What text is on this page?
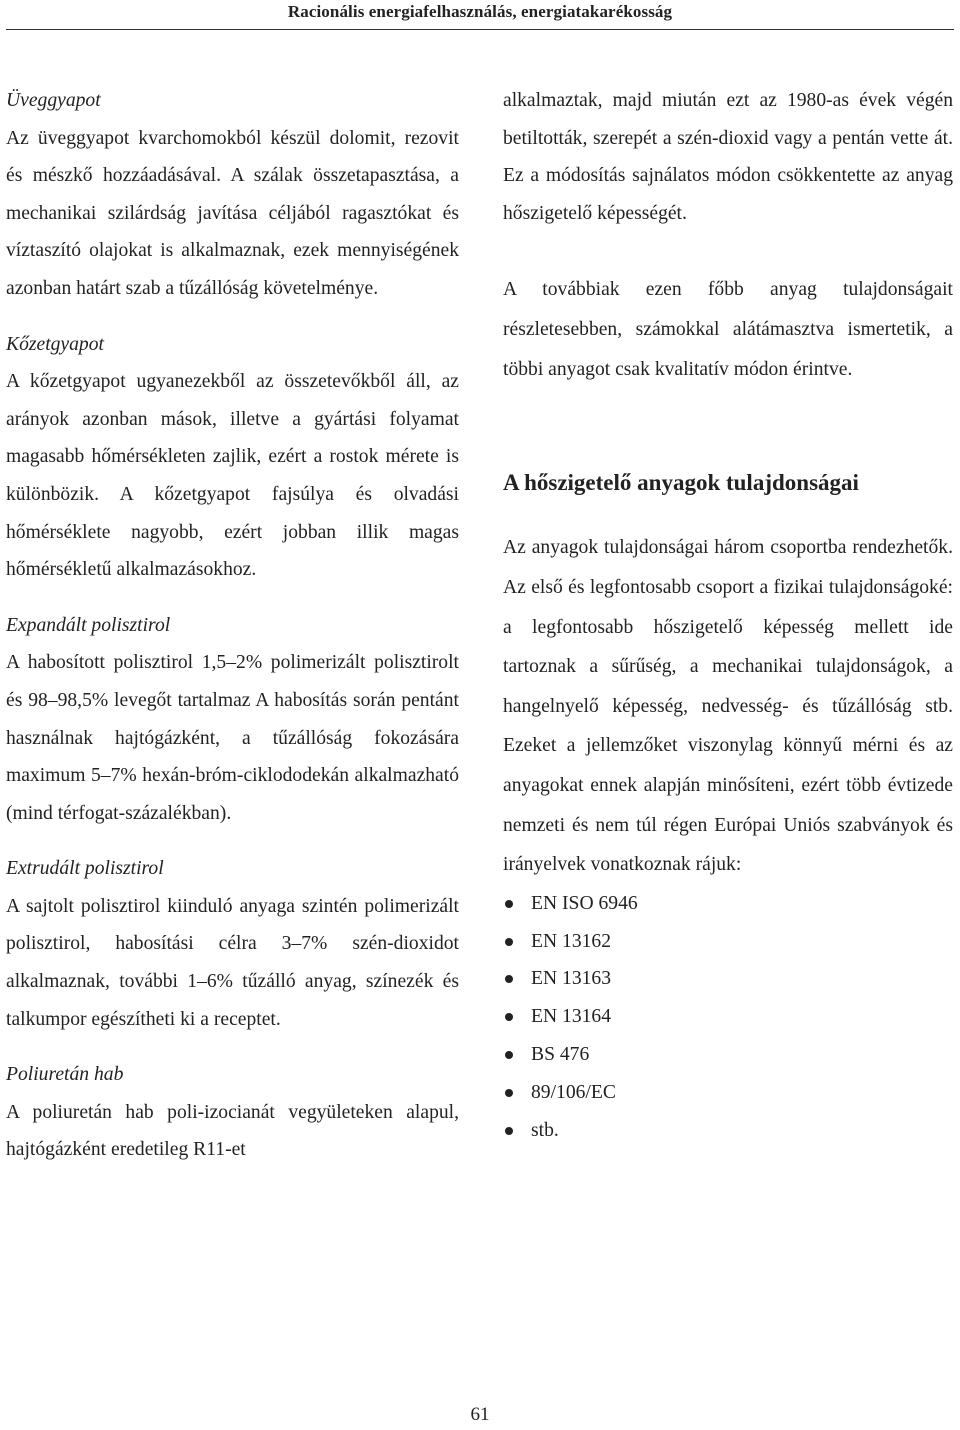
Racionális energiafelhasználás, energiatakarékosság

Üveggyapot

Az üveggyapot kvarchomokból készül dolomit, rezovit és mészkő hozzáadásával. A szálak összetapasztása, a mechanikai szilárdság javítása céljából ragasztókat és víztaszító olajokat is alkalmaznak, ezek mennyiségének azonban határt szab a tűzállóság követelménye.

Kőzetgyapot

A kőzetgyapot ugyanezekből az összetevőkből áll, az arányok azonban mások, illetve a gyártási folyamat magasabb hőmérsékleten zajlik, ezért a rostok mérete is különbözik. A kőzetgyapot fajsúlya és olvadási hőmérséklete nagyobb, ezért jobban illik magas hőmérsékletű alkalmazásokhoz.

Expandált polisztirol

A habosított polisztirol 1,5–2% polimerizált polisztirolt és 98–98,5% levegőt tartalmaz A habosítás során pentánt használnak hajtógázként, a tűzállóság fokozására maximum 5–7% hexán-bróm-ciklododekán alkalmazható (mind térfogat-százalékban).

Extrudált polisztirol

A sajtolt polisztirol kiinduló anyaga szintén polimerizált polisztirol, habosítási célra 3–7% szén-dioxidot alkalmaznak, további 1–6% tűzálló anyag, színezék és talkumpor egészítheti ki a receptet.

Poliuretán hab

A poliuretán hab poli-izocianát vegyületeken alapul, hajtógázként eredetileg R11-et

alkalmaztak, majd miután ezt az 1980-as évek végén betiltották, szerepét a szén-dioxid vagy a pentán vette át. Ez a módosítás sajnálatos módon csökkentette az anyag hőszigetelő képességét.

A továbbiak ezen főbb anyag tulajdonságait részletesebben, számokkal alátámasztva ismertetik, a többi anyagot csak kvalitatív módon érintve.

A hőszigetelő anyagok tulajdonságai

Az anyagok tulajdonságai három csoportba rendezhetők. Az első és legfontosabb csoport a fizikai tulajdonságoké: a legfontosabb hőszigetelő képesség mellett ide tartoznak a sűrűség, a mechanikai tulajdonságok, a hangelnyelő képesség, nedvesség- és tűzállóság stb. Ezeket a jellemzőket viszonylag könnyű mérni és az anyagokat ennek alapján minősíteni, ezért több évtizede nemzeti és nem túl régen Európai Uniós szabványok és irányelvek vonatkoznak rájuk:

EN ISO 6946
EN 13162
EN 13163
EN 13164
BS 476
89/106/EC
stb.
61
